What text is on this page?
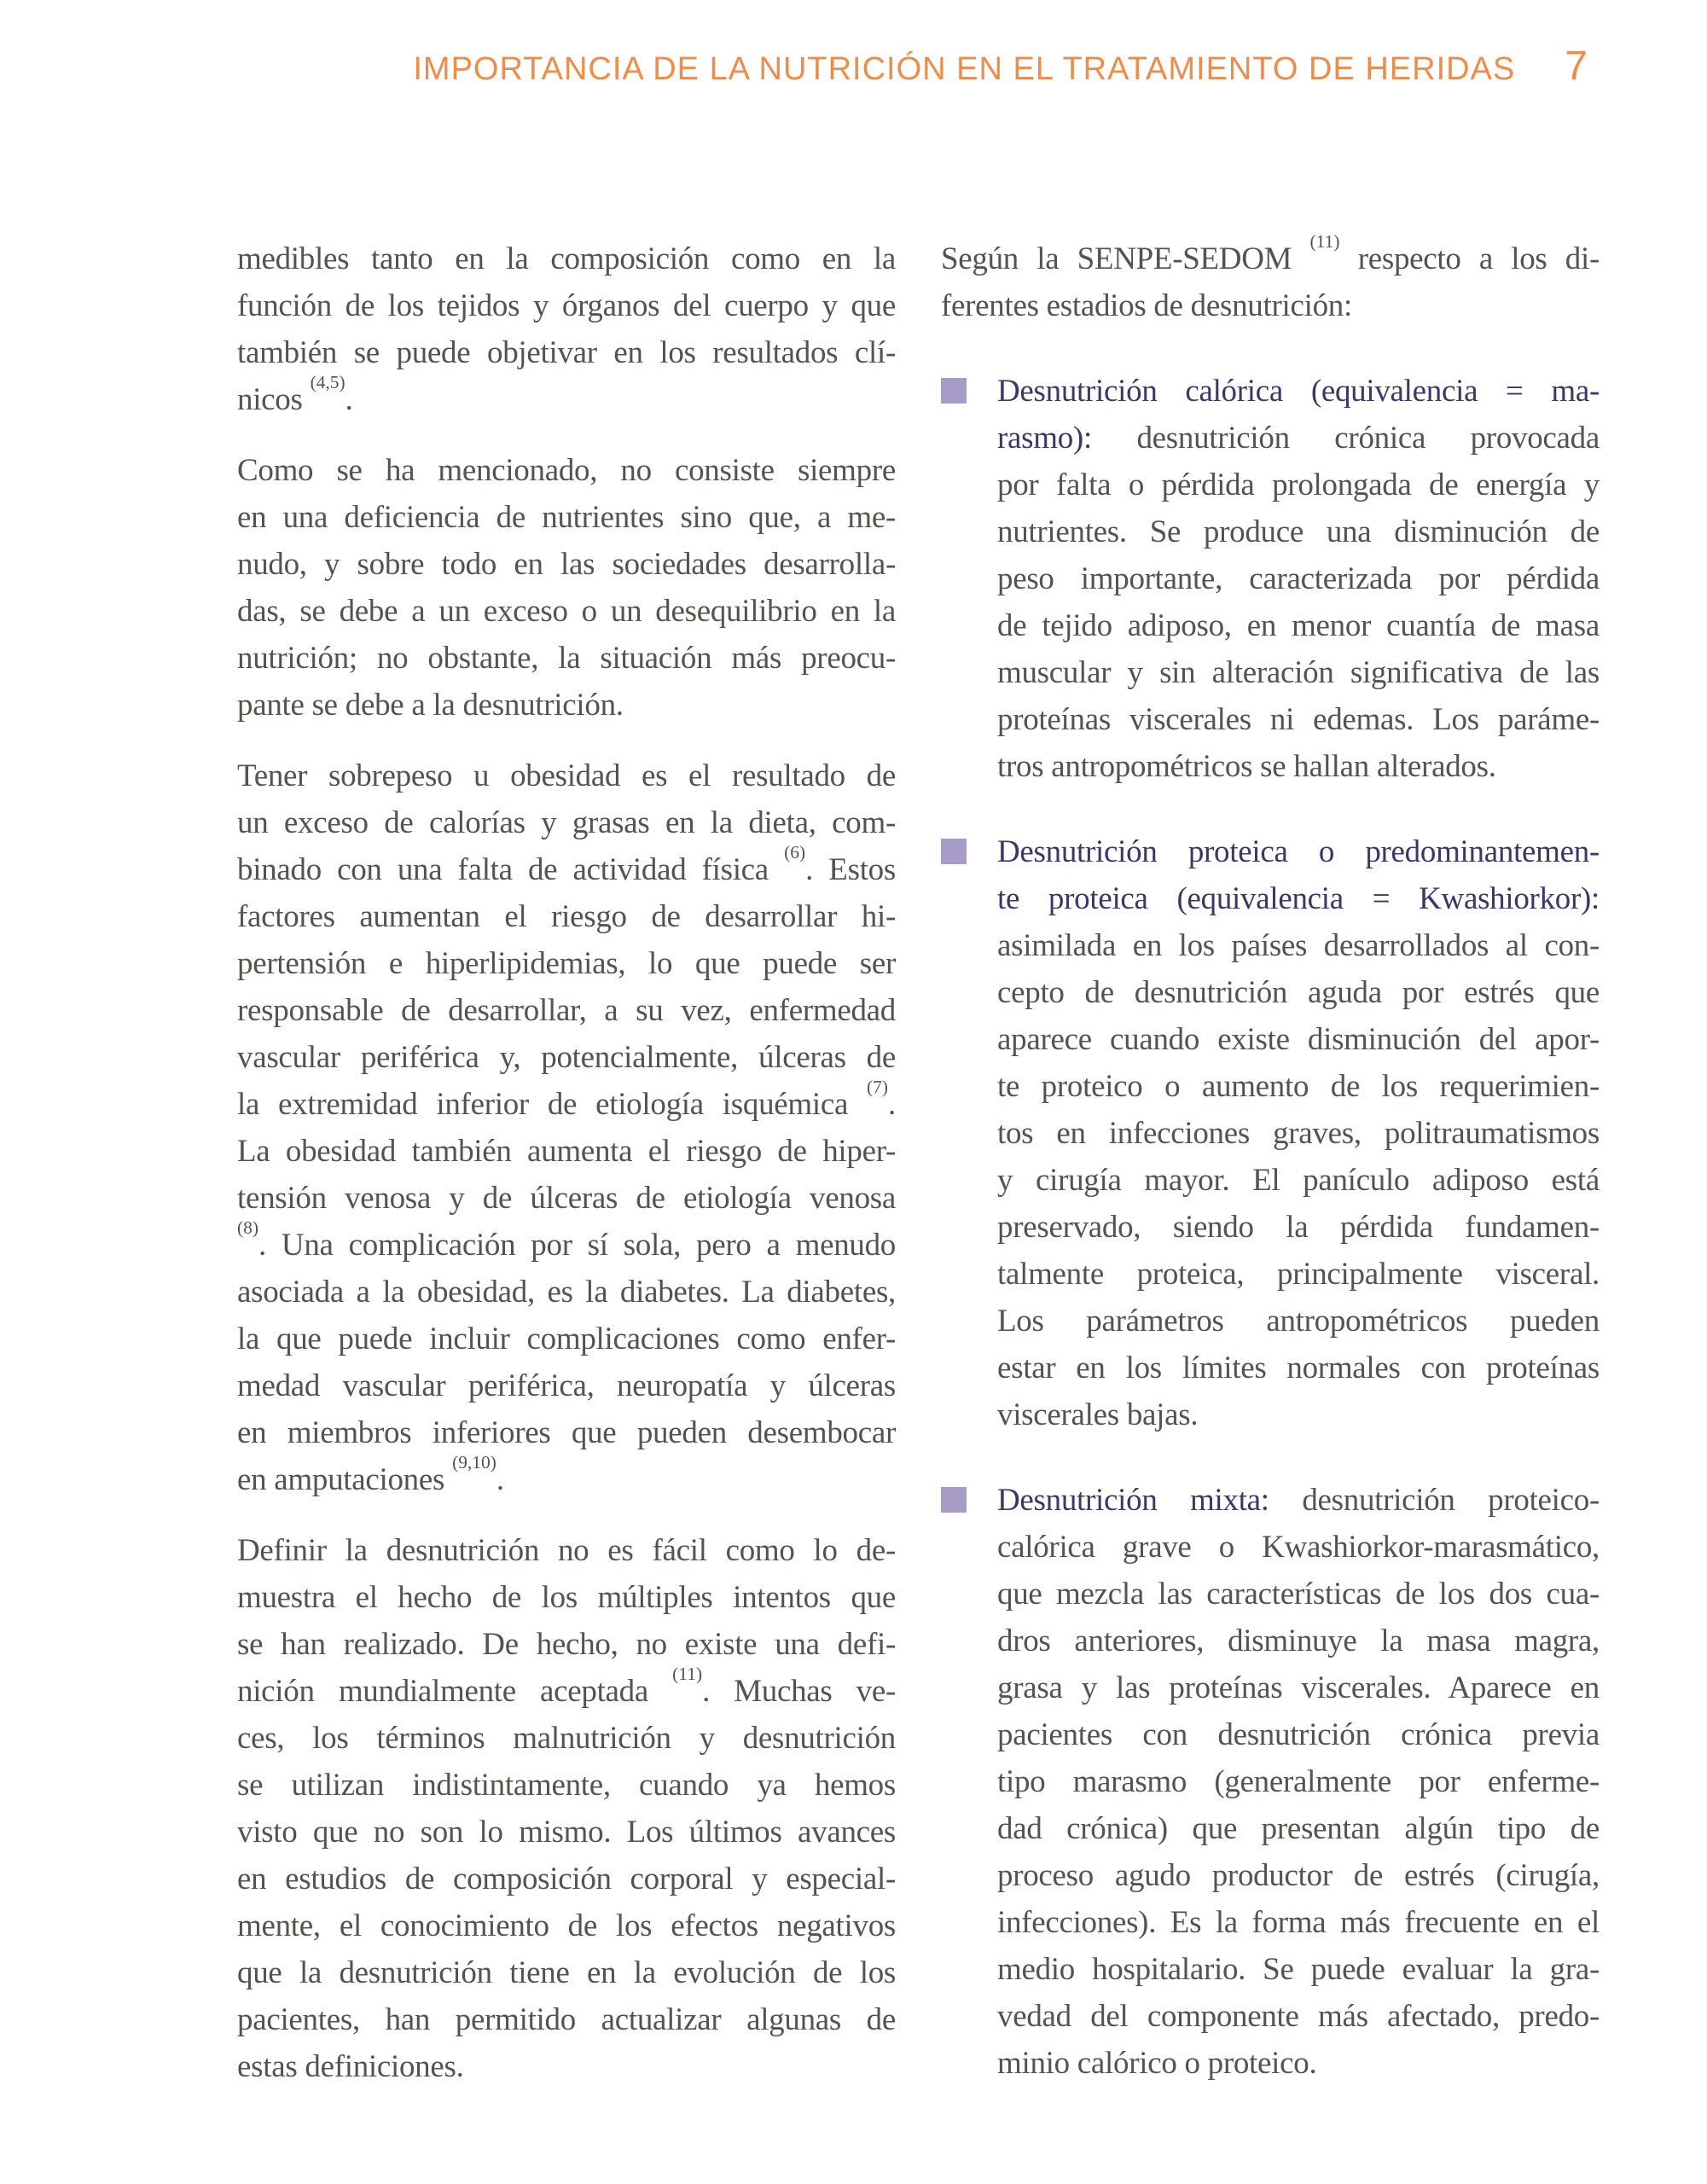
IMPORTANCIA DE LA NUTRICIÓN EN EL TRATAMIENTO DE HERIDAS 7
medibles tanto en la composición como en la
función de los tejidos y órganos del cuerpo y que
también se puede objetivar en los resultados clí-
nicos $^{(4,5)}$.
Como se ha mencionado, no consiste siempre
en una deficiencia de nutrientes sino que, a me-
nudo, y sobre todo en las sociedades desarrolla-
das, se debe a un exceso o un desequilibrio en la
nutrición; no obstante, la situación más preocu-
pante se debe a la desnutrición.
Tener sobrepeso u obesidad es el resultado de
un exceso de calorías y grasas en la dieta, com-
binado con una falta de actividad física $^{(6)}$. Estos
factores aumentan el riesgo de desarrollar hi-
pertensión e hiperlipidemias, lo que puede ser
responsable de desarrollar, a su vez, enfermedad
vascular periférica y, potencialmente, úlceras de
la extremidad inferior de etiología isquémica $^{(7)}$.
La obesidad también aumenta el riesgo de hiper-
tensión venosa y de úlceras de etiología venosa
$^{(8)}$. Una complicación por sí sola, pero a menudo
asociada a la obesidad, es la diabetes. La diabetes,
la que puede incluir complicaciones como enfer-
medad vascular periférica, neuropatía y úlceras
en miembros inferiores que pueden desembocar
en amputaciones $^{(9,10)}$.
Definir la desnutrición no es fácil como lo de-
muestra el hecho de los múltiples intentos que
se han realizado. De hecho, no existe una defi-
nición mundialmente aceptada $^{(11)}$. Muchas ve-
ces, los términos malnutrición y desnutrición
se utilizan indistintamente, cuando ya hemos
visto que no son lo mismo. Los últimos avances
en estudios de composición corporal y especial-
mente, el conocimiento de los efectos negativos
que la desnutrición tiene en la evolución de los
pacientes, han permitido actualizar algunas de
estas definiciones.
Según la SENPE-SEDOM $^{(11)}$ respecto a los di-
ferentes estadios de desnutrición:
Desnutrición calórica (equivalencia = ma-
rasmo): desnutrición crónica provocada
por falta o pérdida prolongada de energía y
nutrientes. Se produce una disminución de
peso importante, caracterizada por pérdida
de tejido adiposo, en menor cuantía de masa
muscular y sin alteración significativa de las
proteínas viscerales ni edemas. Los paráme-
tros antropométricos se hallan alterados.
Desnutrición proteica o predominantemen-
te proteica (equivalencia = Kwashiorkor):
asimilada en los países desarrollados al con-
cepto de desnutrición aguda por estrés que
aparece cuando existe disminución del apor-
te proteico o aumento de los requerimien-
tos en infecciones graves, politraumatismos
y cirugía mayor. El panículo adiposo está
preservado, siendo la pérdida fundamen-
talmente proteica, principalmente visceral.
Los parámetros antropométricos pueden
estar en los límites normales con proteínas
viscerales bajas.
Desnutrición mixta: desnutrición proteico-
calórica grave o Kwashiorkor-marasmático,
que mezcla las características de los dos cua-
dros anteriores, disminuye la masa magra,
grasa y las proteínas viscerales. Aparece en
pacientes con desnutrición crónica previa
tipo marasmo (generalmente por enferme-
dad crónica) que presentan algún tipo de
proceso agudo productor de estrés (cirugía,
infecciones). Es la forma más frecuente en el
medio hospitalario. Se puede evaluar la gra-
vedad del componente más afectado, predo-
minio calórico o proteico.
